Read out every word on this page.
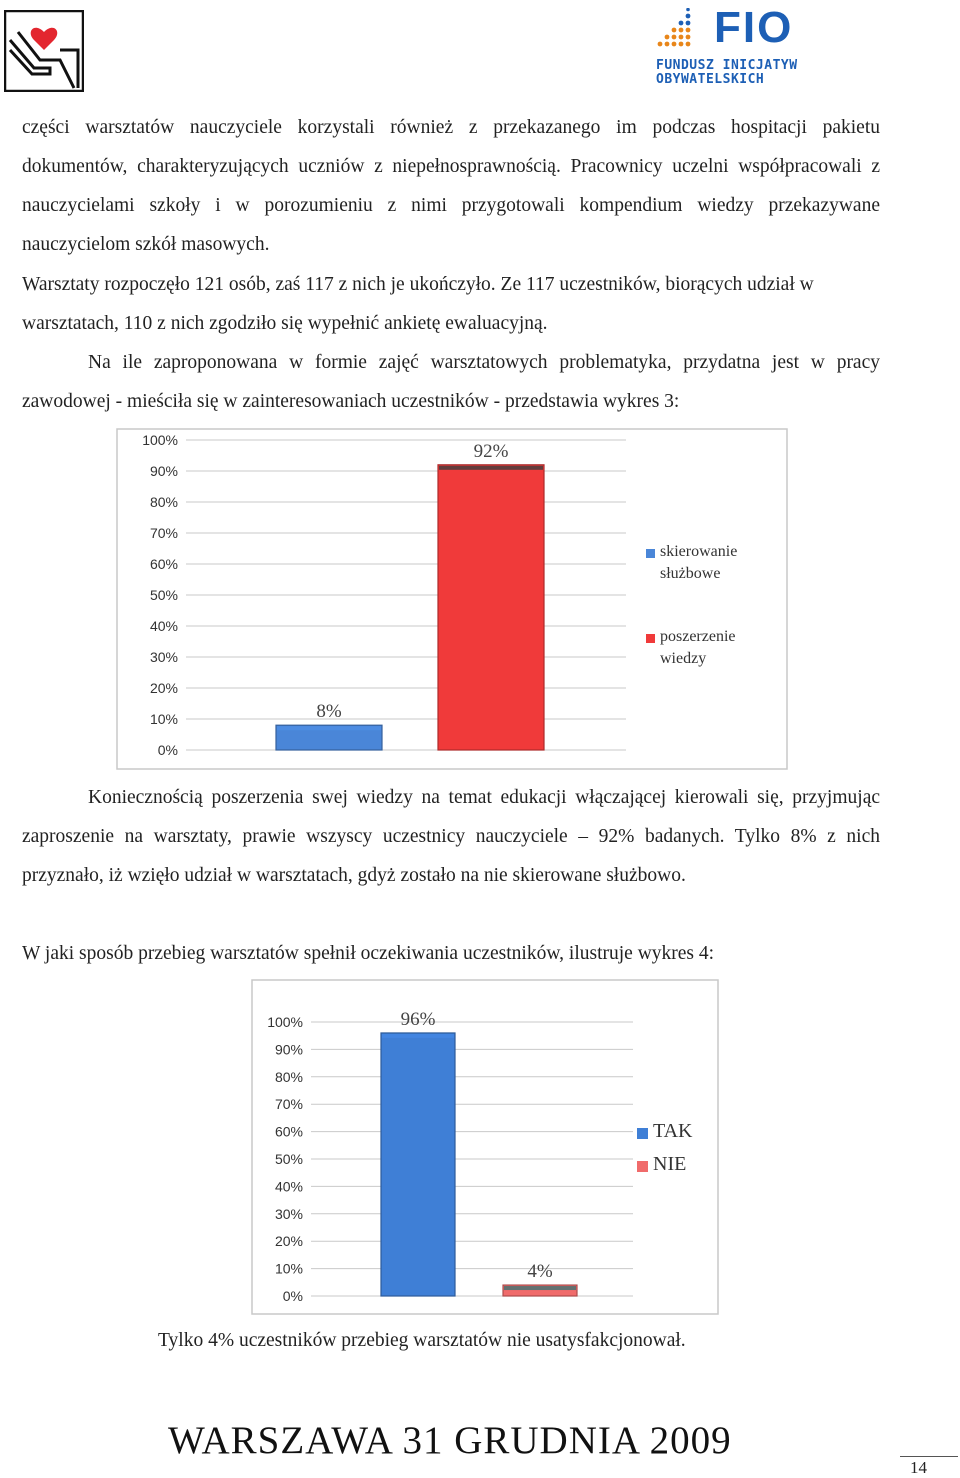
FIO
FUNDUSZ INICJATYW
OBYWATELSKICH

części warsztatów nauczyciele korzystali również z przekazanego im podczas hospitacji pakietu dokumentów, charakteryzujących uczniów z niepełnosprawnością. Pracownicy uczelni współpracowali z nauczycielami szkoły i w porozumieniu z nimi przygotowali kompendium wiedzy przekazywane nauczycielom szkół masowych.

Warsztaty rozpoczęło 121 osób, zaś 117 z nich je ukończyło. Ze 117 uczestników, biorących udział w warsztatach, 110 z nich zgodziło się wypełnić ankietę ewaluacyjną.

Na ile zaproponowana w formie zajęć warsztatowych problematyka, przydatna jest w pracy zawodowej - mieściła się w zainteresowaniach uczestników - przedstawia wykres 3:

0%
10%
20%
30%
40%
50%
60%
70%
80%
90%
100%
8%
92%
skierowanie
służbowe
poszerzenie
wiedzy

Koniecznością poszerzenia swej wiedzy na temat edukacji włączającej kierowali się, przyjmując zaproszenie na warsztaty, prawie wszyscy uczestnicy nauczyciele – 92% badanych. Tylko 8% z nich przyznało, iż wzięło udział w warsztatach, gdyż zostało na nie skierowane służbowo.

W jaki sposób przebieg warsztatów spełnił oczekiwania uczestników, ilustruje wykres 4:

0%
10%
20%
30%
40%
50%
60%
70%
80%
90%
100%	96%
4%
TAK
NIE

Tylko 4% uczestników przebieg warsztatów nie usatysfakcjonował.

WARSZAWA 31 GRUDNIA 2009
14
